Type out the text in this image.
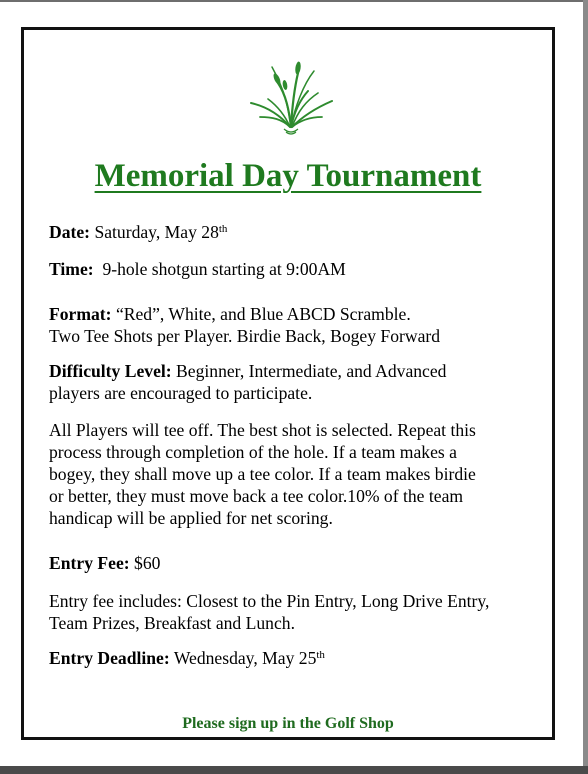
Memorial Day Tournament
Date: Saturday, May 28th
Time: 9-hole shotgun starting at 9:00AM
Format: “Red”, White, and Blue ABCD Scramble.
Two Tee Shots per Player. Birdie Back, Bogey Forward
Difficulty Level: Beginner, Intermediate, and Advanced
players are encouraged to participate.
All Players will tee off. The best shot is selected. Repeat this
process through completion of the hole. If a team makes a
bogey, they shall move up a tee color. If a team makes birdie
or better, they must move back a tee color.10% of the team
handicap will be applied for net scoring.
Entry Fee: $60
Entry fee includes: Closest to the Pin Entry, Long Drive Entry,
Team Prizes, Breakfast and Lunch.
Entry Deadline: Wednesday, May 25th
Please sign up in the Golf Shop
